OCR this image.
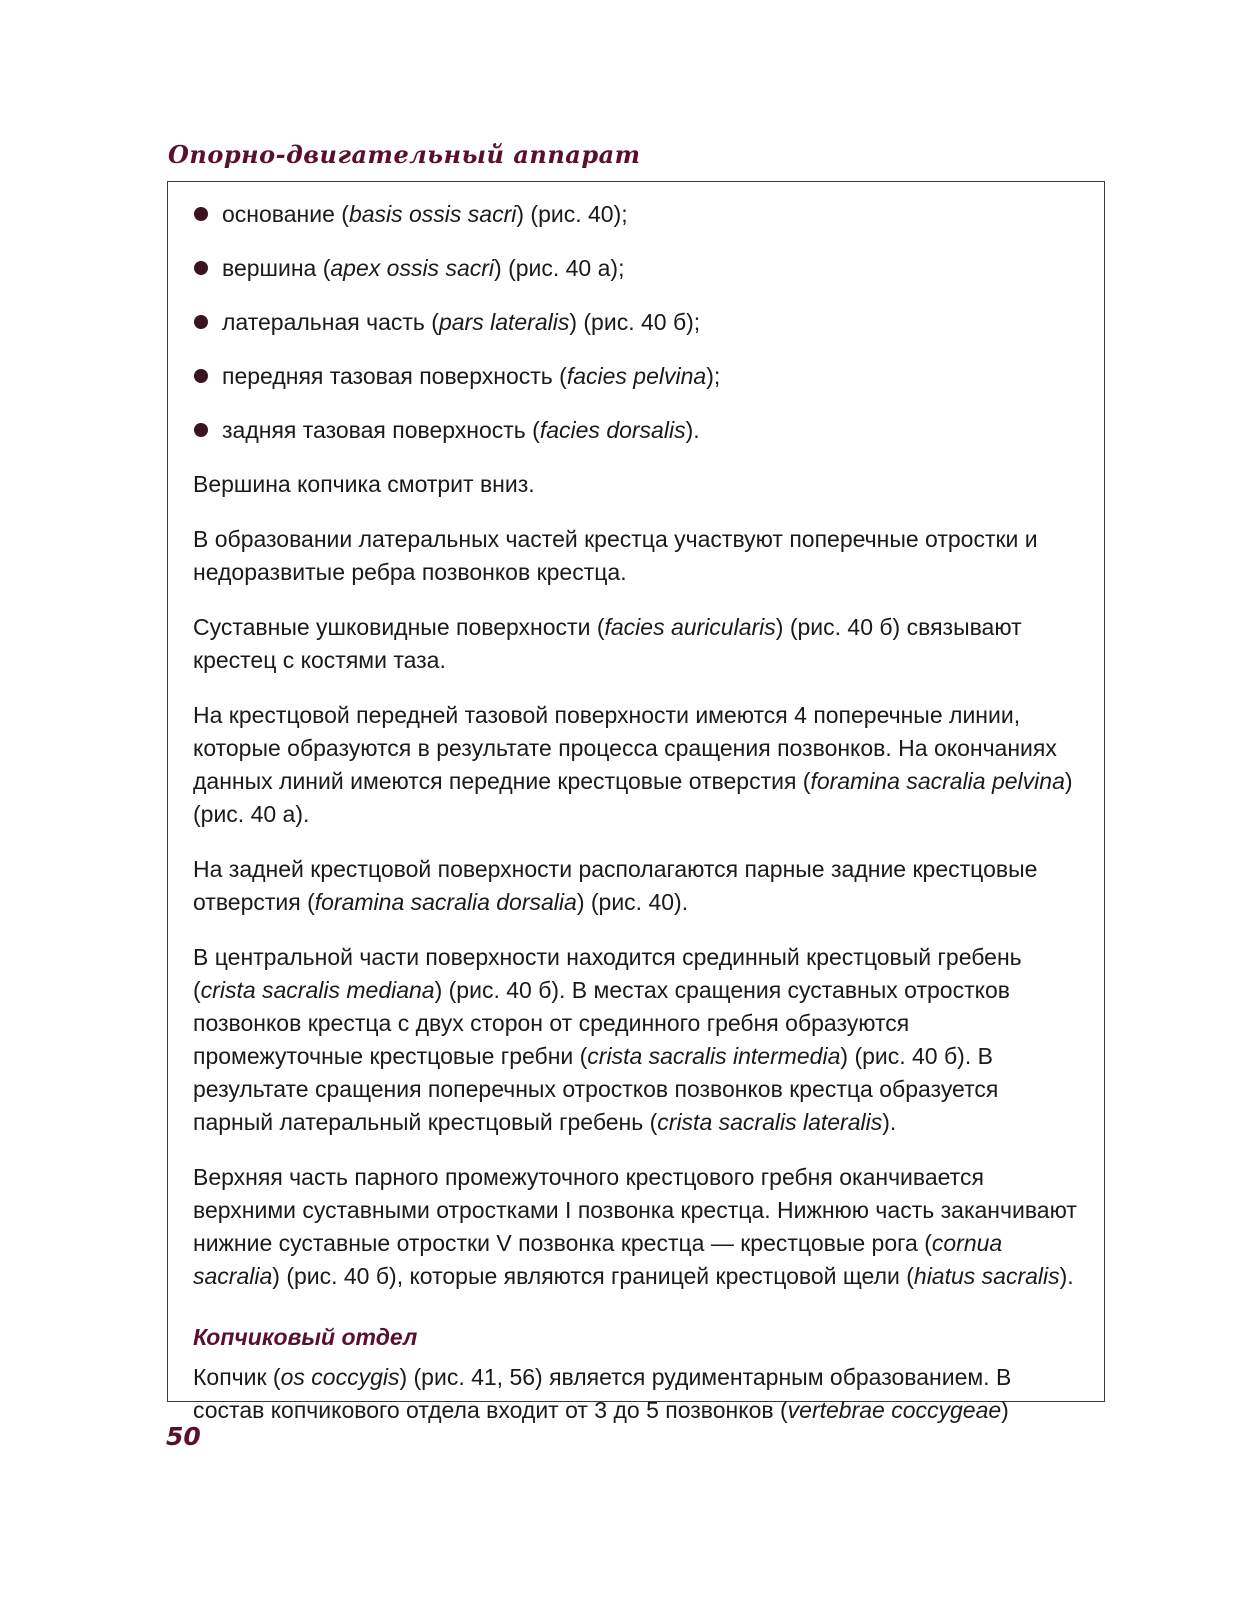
Опорно-двигательный аппарат
основание (basis ossis sacri) (рис. 40);
вершина (apex ossis sacri) (рис. 40 а);
латеральная часть (pars lateralis) (рис. 40 б);
передняя тазовая поверхность (facies pelvina);
задняя тазовая поверхность (facies dorsalis).

Вершина копчика смотрит вниз.

В образовании латеральных частей крестца участвуют поперечные отростки и недоразвитые ребра позвонков крестца.

Суставные ушковидные поверхности (facies auricularis) (рис. 40 б) связывают крестец с костями таза.

На крестцовой передней тазовой поверхности имеются 4 поперечные линии, которые образуются в результате процесса сращения позвонков. На окончаниях данных линий имеются передние крестцовые отверстия (foramina sacralia pelvina) (рис. 40 а).

На задней крестцовой поверхности располагаются парные задние крестцовые отверстия (foramina sacralia dorsalia) (рис. 40).

В центральной части поверхности находится срединный крестцовый гребень (crista sacralis mediana) (рис. 40 б). В местах сращения суставных отростков позвонков крестца с двух сторон от срединного гребня образуются промежуточные крестцовые гребни (crista sacralis intermedia) (рис. 40 б). В результате сращения поперечных отростков позвонков крестца образуется парный латеральный крестцовый гребень (crista sacralis lateralis).

Верхняя часть парного промежуточного крестцового гребня оканчивается верхними суставными отростками I позвонка крестца. Нижнюю часть заканчивают нижние суставные отростки V позвонка крестца — крестцовые рога (cornua sacralia) (рис. 40 б), которые являются границей крестцовой щели (hiatus sacralis).

Копчиковый отдел

Копчик (os coccygis) (рис. 41, 56) является рудиментарным образованием. В состав копчикового отдела входит от 3 до 5 позвонков (vertebrae coccygeae)

50
